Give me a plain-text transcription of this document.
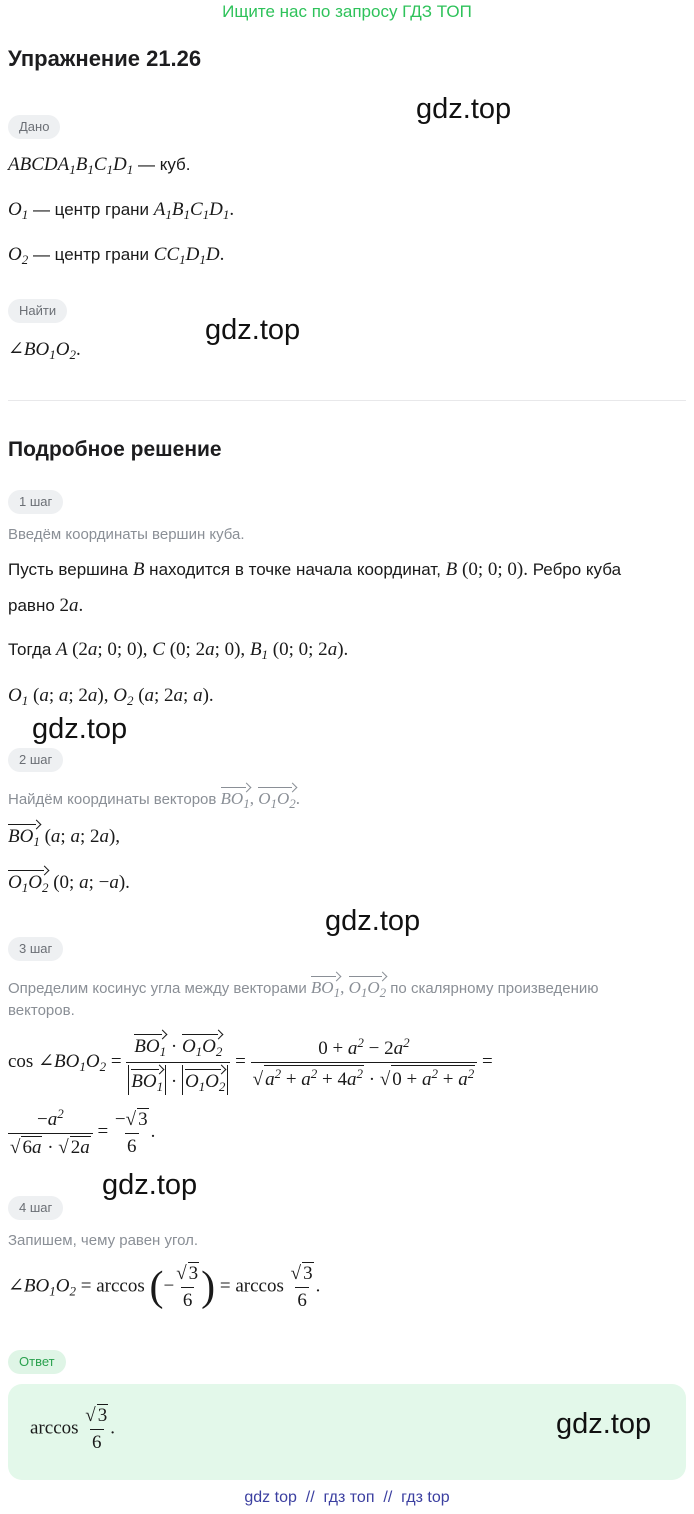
Ищите нас по запросу ГДЗ ТОП
Упражнение 21.26
gdz.top
gdz.top
gdz.top
gdz.top
gdz.top
Дано
$ABCDA_1B_1C_1D_1$ — куб.
$O_1$ — центр грани $A_1B_1C_1D_1$.
$O_2$ — центр грани $CC_1D_1D$.
Найти
$\angle BO_1O_2$.
Подробное решение
1 шаг
Введём координаты вершин куба.
Пусть вершина B находится в точке начала координат, B (0; 0; 0). Ребро куба
равно 2a.
Тогда A (2a; 0; 0), C (0; 2a; 0), $B_1$ (0; 0; 2a).
$O_1$ (a; a; 2a), $O_2$ (a; 2a; a).
2 шаг
Найдём координаты векторов $BO_1$, $O_1O_2$.
$BO_1$ (a; a; 2a),
$O_1O_2$ (0; a; −a).
3 шаг
Определим косинус угла между векторами $BO_1$, $O_1O_2$ по скалярному произведению
векторов.
$\cos \angle BO_1O_2 = \frac{BO_1 \cdot O_1O_2}{BO_1 \cdot O_1O_2} = \frac{0 + a^2 - 2a^2}{√ a^2 + a^2 + 4a^2 \cdot √ 0 + a^2 + a^2}$ =
$\frac{-a^2}{√ 6a \cdot √ 2a} = \frac{-√ 3}{6}$ .
4 шаг
Запишем, чему равен угол.
$\angle BO_1O_2 = \arccos$ (− $\frac{√ 3}{6}$ ) = $\arccos \frac{√ 3}{6}$ .
Ответ
$\arccos \frac{√ 3}{6}$ .	gdz.top
gdz top  //  гдз топ  //  гдз top
